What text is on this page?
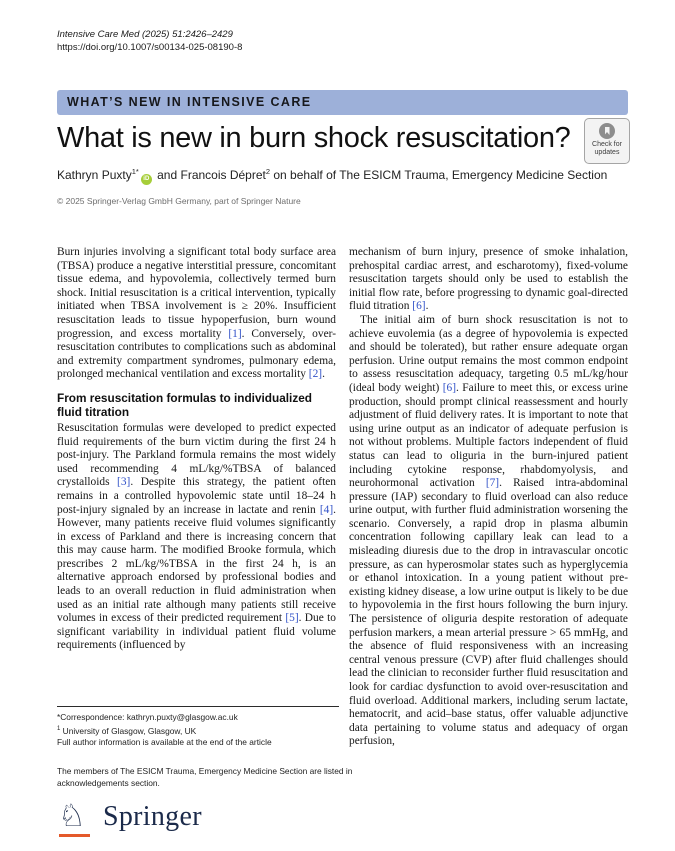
Intensive Care Med (2025) 51:2426–2429
https://doi.org/10.1007/s00134-025-08190-8
WHAT’S NEW IN INTENSIVE CARE
What is new in burn shock resuscitation?	Check for
updates
Kathryn Puxty$^{1*}$iD and Francois Dépret$^2$ on behalf of The ESICM Trauma, Emergency Medicine Section
© 2025 Springer-Verlag GmbH Germany, part of Springer Nature

Burn injuries involving a significant total body surface area (TBSA) produce a negative interstitial pressure, concomitant tissue edema, and hypovolemia, collectively termed burn shock. Initial resuscitation is a critical intervention, typically initiated when TBSA involvement is ≥ 20%. Insufficient resuscitation leads to tissue hypoperfusion, burn wound progression, and excess mortality [1]. Conversely, over-resuscitation contributes to complications such as abdominal and extremity compartment syndromes, pulmonary edema, prolonged mechanical ventilation and excess mortality [2].

From resuscitation formulas to individualized fluid titration

Resuscitation formulas were developed to predict expected fluid requirements of the burn victim during the first 24 h post-injury. The Parkland formula remains the most widely used recommending 4 mL/kg/%TBSA of balanced crystalloids [3]. Despite this strategy, the patient often remains in a controlled hypovolemic state until 18–24 h post-injury signaled by an increase in lactate and renin [4]. However, many patients receive fluid volumes significantly in excess of Parkland and there is increasing concern that this may cause harm. The modified Brooke formula, which prescribes 2 mL/kg/%TBSA in the first 24 h, is an alternative approach endorsed by professional bodies and leads to an overall reduction in fluid administration when used as an initial rate although many patients still receive volumes in excess of their predicted requirement [5]. Due to significant variability in individual patient fluid volume requirements (influenced by

mechanism of burn injury, presence of smoke inhalation, prehospital cardiac arrest, and escharotomy), fixed-volume resuscitation targets should only be used to establish the initial flow rate, before progressing to dynamic goal-directed fluid titration [6].

The initial aim of burn shock resuscitation is not to achieve euvolemia (as a degree of hypovolemia is expected and should be tolerated), but rather ensure adequate organ perfusion. Urine output remains the most common endpoint to assess resuscitation adequacy, targeting 0.5 mL/kg/hour (ideal body weight) [6]. Failure to meet this, or excess urine production, should prompt clinical reassessment and hourly adjustment of fluid delivery rates. It is important to note that using urine output as an indicator of adequate perfusion is not without problems. Multiple factors independent of fluid status can lead to oliguria in the burn-injured patient including cytokine response, rhabdomyolysis, and neurohormonal activation [7]. Raised intra-abdominal pressure (IAP) secondary to fluid overload can also reduce urine output, with further fluid administration worsening the scenario. Conversely, a rapid drop in plasma albumin concentration following capillary leak can lead to a misleading diuresis due to the drop in intravascular oncotic pressure, as can hyperosmolar states such as hyperglycemia or ethanol intoxication. In a young patient without pre-existing kidney disease, a low urine output is likely to be due to hypovolemia in the first hours following the burn injury. The persistence of oliguria despite restoration of adequate perfusion markers, a mean arterial pressure > 65 mmHg, and the absence of fluid responsiveness with an increasing central venous pressure (CVP) after fluid challenges should lead the clinician to reconsider further fluid resuscitation and look for cardiac dysfunction to avoid over-resuscitation and fluid overload. Additional markers, including serum lactate, hematocrit, and acid–base status, offer valuable adjunctive data pertaining to volume status and adequacy of organ perfusion,

*Correspondence: kathryn.puxty@glasgow.ac.uk
$^1$ University of Glasgow, Glasgow, UK
Full author information is available at the end of the article
The members of The ESICM Trauma, Emergency Medicine Section are listed in acknowledgements section.
♘ Springer
